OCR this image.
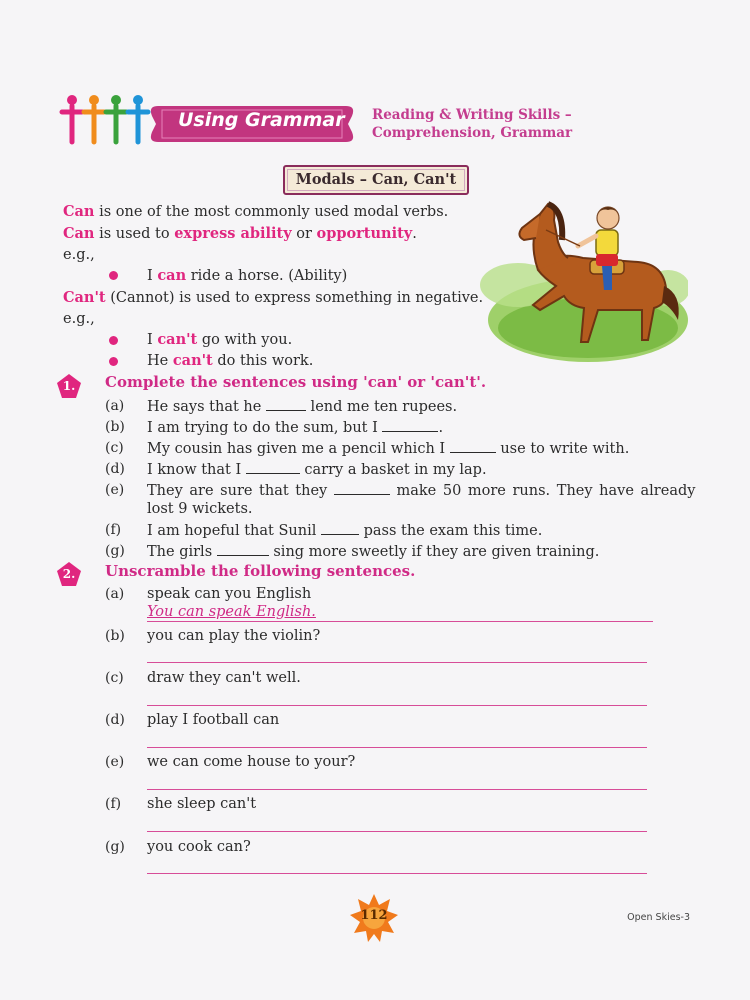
Using Grammar Reading & Writing Skills –
Comprehension, Grammar
Modals – Can, Can't
Can is one of the most commonly used modal verbs.
Can is used to express ability or opportunity.
e.g.,
I can ride a horse. (Ability)
Can't (Cannot) is used to express something in negative.
e.g.,
I can't go with you.
He can't do this work.
1.	Complete the sentences using 'can' or 'can't'.
(a) He says that he	lend me ten rupees.
(b) I am trying to do the sum, but I	.
(c) My cousin has given me a pencil which I	use to write with.
(d) I know that I	carry a basket in my lap.
(e) They are sure that they	make 50 more runs. They have already
lost 9 wickets.
(f) I am hopeful that Sunil	pass the exam this time.
(g) The girls	sing more sweetly if they are given training.
2.	Unscramble the following sentences.
(a) speak can you English
You can speak English.
(b) you can play the violin?
(c) draw they can't well.
(d) play I football can
(e) we can come house to your?
(f) she sleep can't
(g) you cook can?
112	Open Skies-3
